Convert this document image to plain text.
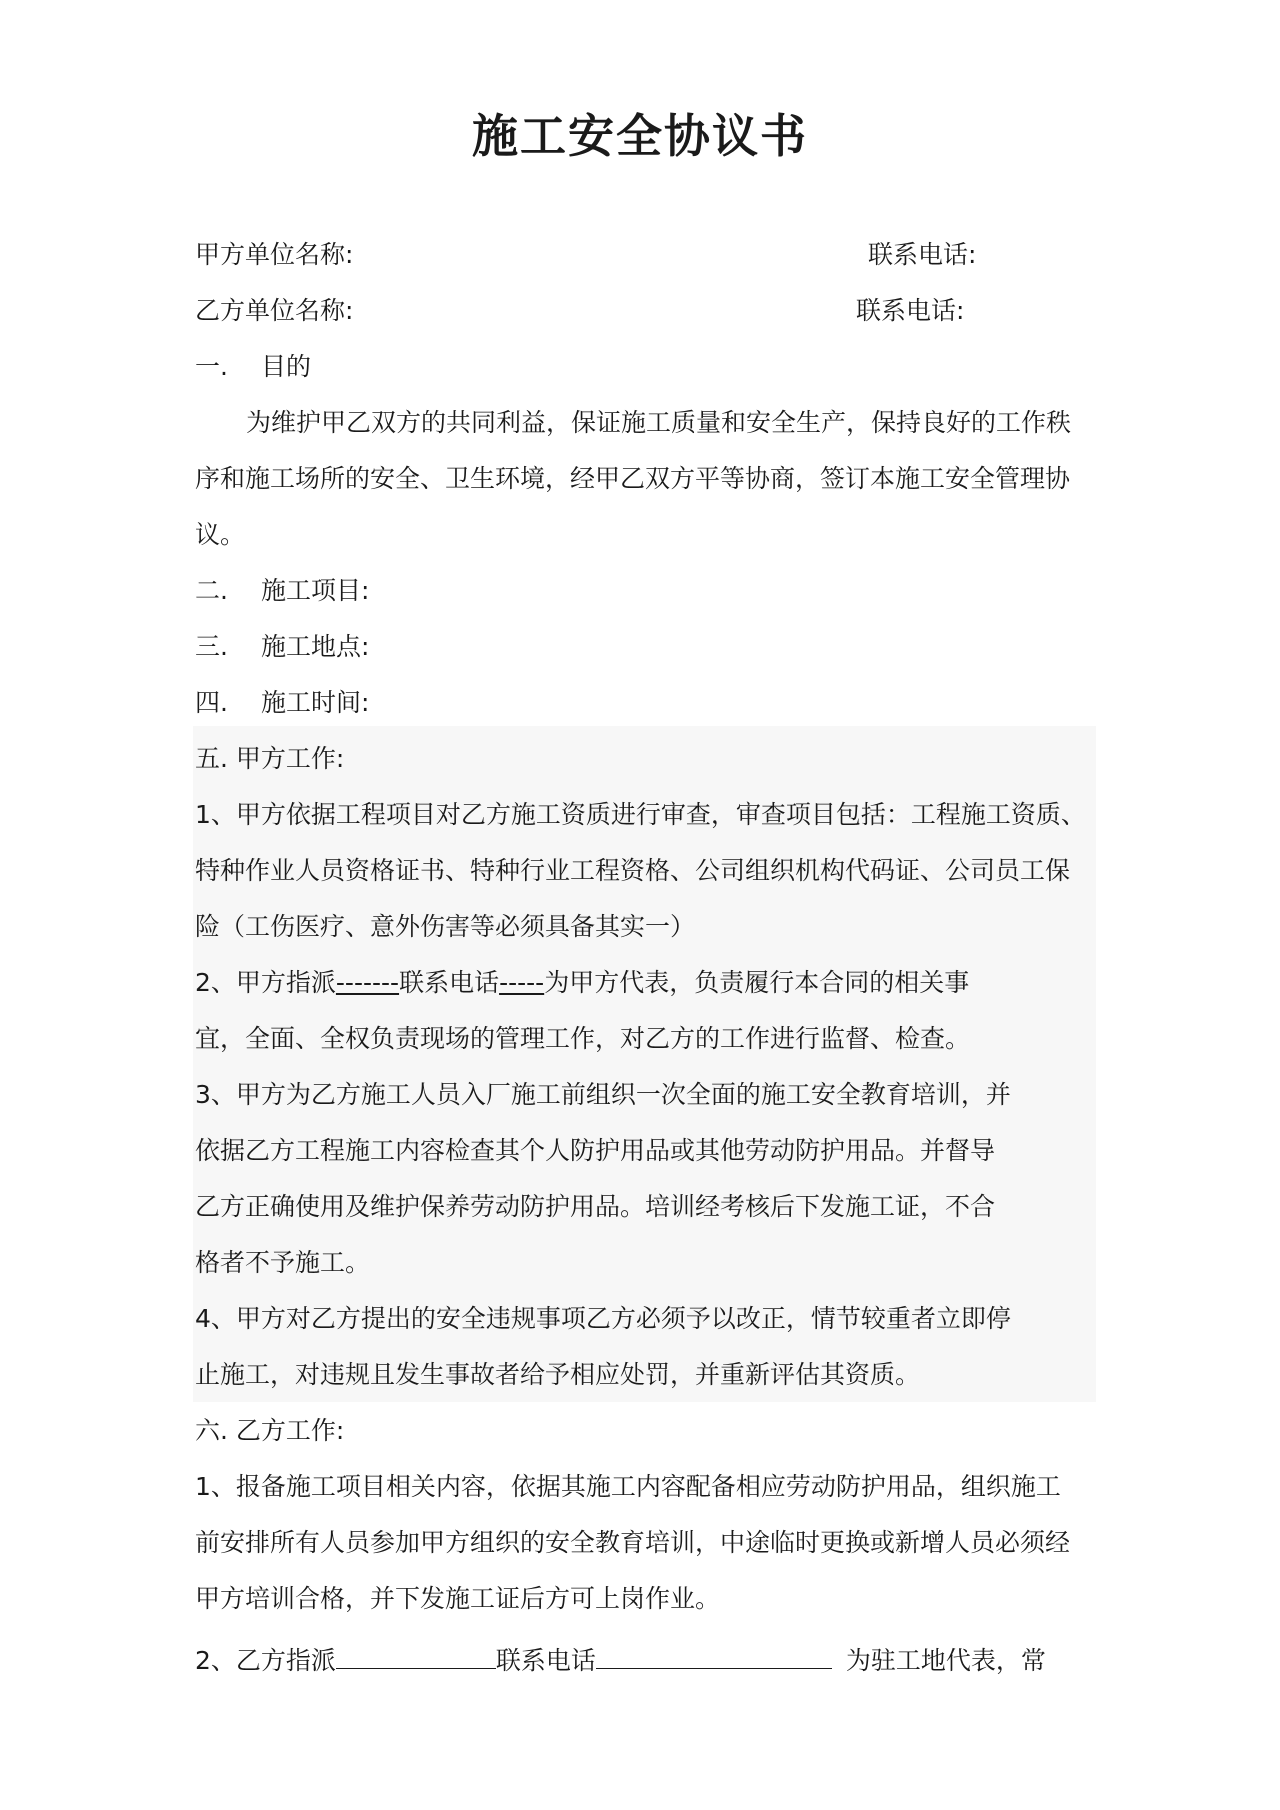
施工安全协议书
甲方单位名称:	联系电话:
乙方单位名称:	联系电话:
一. 目的
为维护甲乙双方的共同利益，保证施工质量和安全生产，保持良好的工作秩
序和施工场所的安全、卫生环境，经甲乙双方平等协商，签订本施工安全管理协
议。
二. 施工项目:
三. 施工地点:
四. 施工时间:
五. 甲方工作:
1、甲方依据工程项目对乙方施工资质进行审查，审查项目包括：工程施工资质、
特种作业人员资格证书、特种行业工程资格、公司组织机构代码证、公司员工保
险（工伤医疗、意外伤害等必须具备其实一）
2、甲方指派-------联系电话-----为甲方代表，负责履行本合同的相关事
宜，全面、全权负责现场的管理工作，对乙方的工作进行监督、检查。
3、甲方为乙方施工人员入厂施工前组织一次全面的施工安全教育培训，并
依据乙方工程施工内容检查其个人防护用品或其他劳动防护用品。并督导
乙方正确使用及维护保养劳动防护用品。培训经考核后下发施工证，不合
格者不予施工。
4、甲方对乙方提出的安全违规事项乙方必须予以改正，情节较重者立即停
止施工，对违规且发生事故者给予相应处罚，并重新评估其资质。
六. 乙方工作:
1、报备施工项目相关内容，依据其施工内容配备相应劳动防护用品，组织施工
前安排所有人员参加甲方组织的安全教育培训，中途临时更换或新增人员必须经
甲方培训合格，并下发施工证后方可上岗作业。
2、乙方指派	联系电话	为驻工地代表，常
